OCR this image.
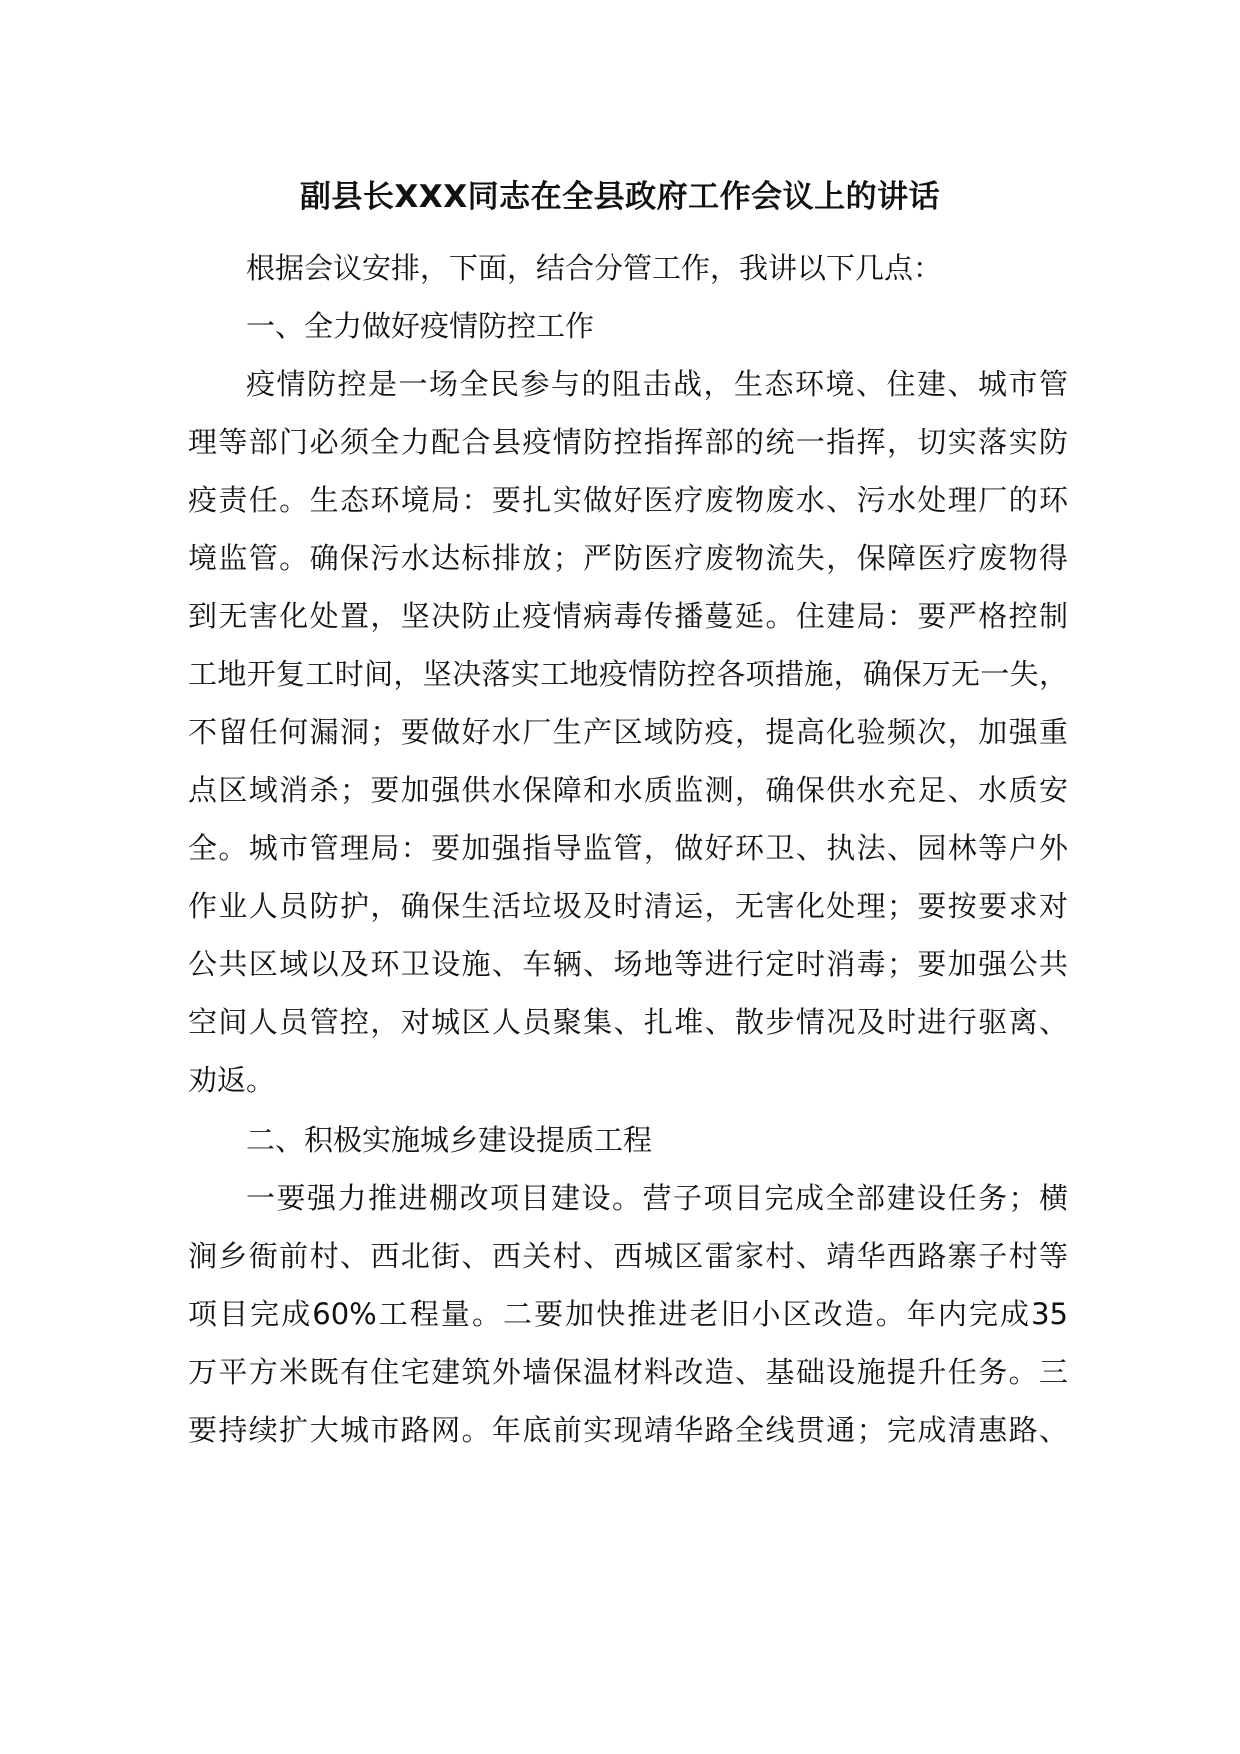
副县长XXX同志在全县政府工作会议上的讲话

根据会议安排，下面，结合分管工作，我讲以下几点：

一、全力做好疫情防控工作

疫情防控是一场全民参与的阻击战，生态环境、住建、城市管

理等部门必须全力配合县疫情防控指挥部的统一指挥，切实落实防

疫责任。生态环境局：要扎实做好医疗废物废水、污水处理厂的环

境监管。确保污水达标排放；严防医疗废物流失，保障医疗废物得

到无害化处置，坚决防止疫情病毒传播蔓延。住建局：要严格控制

工地开复工时间，坚决落实工地疫情防控各项措施，确保万无一失，

不留任何漏洞；要做好水厂生产区域防疫，提高化验频次，加强重

点区域消杀；要加强供水保障和水质监测，确保供水充足、水质安

全。城市管理局：要加强指导监管，做好环卫、执法、园林等户外

作业人员防护，确保生活垃圾及时清运，无害化处理；要按要求对

公共区域以及环卫设施、车辆、场地等进行定时消毒；要加强公共

空间人员管控，对城区人员聚集、扎堆、散步情况及时进行驱离、

劝返。

二、积极实施城乡建设提质工程

一要强力推进棚改项目建设。营子项目完成全部建设任务；横

涧乡衙前村、西北街、西关村、西城区雷家村、靖华西路寨子村等

项目完成60%工程量。二要加快推进老旧小区改造。年内完成35

万平方米既有住宅建筑外墙保温材料改造、基础设施提升任务。三

要持续扩大城市路网。年底前实现靖华路全线贯通；完成清惠路、
